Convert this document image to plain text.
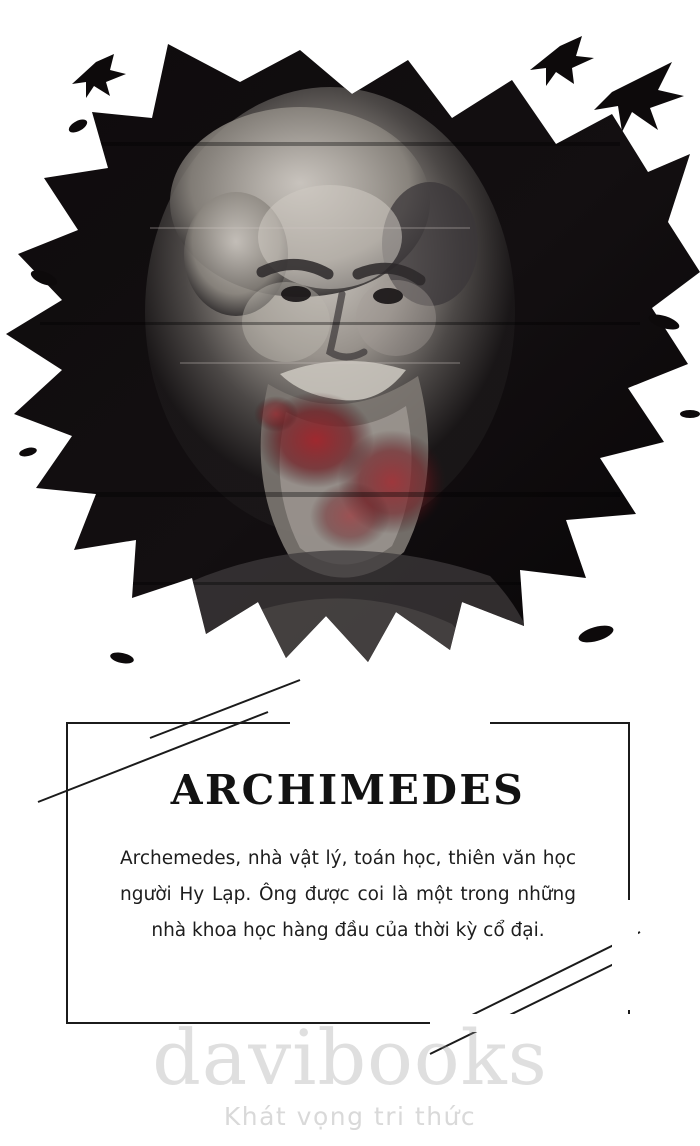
ARCHIMEDES

Archemedes, nhà vật lý, toán học, thiên văn học người Hy Lạp. Ông được coi là một trong những nhà khoa học hàng đầu của thời kỳ cổ đại.

davibooks
Khát vọng tri thức
